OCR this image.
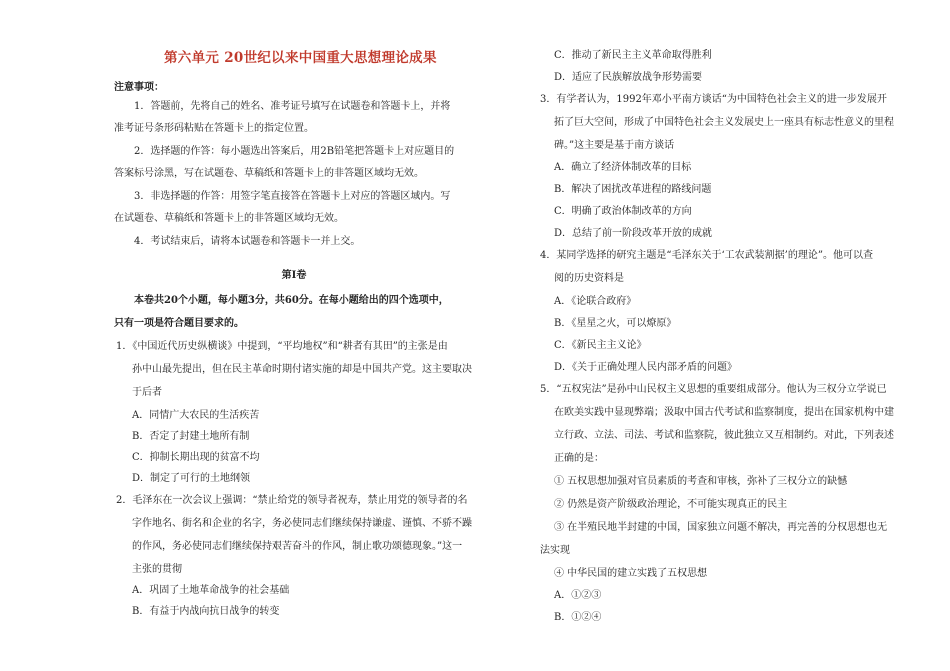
第六单元 20世纪以来中国重大思想理论成果
注意事项：
1．答题前，先将自己的姓名、准考证号填写在试题卷和答题卡上，并将
准考证号条形码粘贴在答题卡上的指定位置。
2．选择题的作答：每小题选出答案后，用2B铅笔把答题卡上对应题目的
答案标号涂黑，写在试题卷、草稿纸和答题卡上的非答题区域均无效。
3．非选择题的作答：用签字笔直接答在答题卡上对应的答题区域内。写
在试题卷、草稿纸和答题卡上的非答题区域均无效。
4．考试结束后，请将本试题卷和答题卡一并上交。
第Ⅰ卷
本卷共20个小题，每小题3分，共60分。在每小题给出的四个选项中，
只有一项是符合题目要求的。
1．《中国近代历史纵横谈》中提到，“平均地权”和“耕者有其田”的主张是由
孙中山最先提出，但在民主革命时期付诸实施的却是中国共产党。这主要取决
于后者
A．同情广大农民的生活疾苦
B．否定了封建土地所有制
C．抑制长期出现的贫富不均
D．制定了可行的土地纲领
2．毛泽东在一次会议上强调：“禁止给党的领导者祝寿，禁止用党的领导者的名
字作地名、街名和企业的名字，务必使同志们继续保持谦虚、谨慎、不骄不躁
的作风，务必使同志们继续保持艰苦奋斗的作风，制止歌功颂德现象。”这一
主张的贯彻
A．巩固了土地革命战争的社会基础
B．有益于内战向抗日战争的转变
C．推动了新民主主义革命取得胜利
D．适应了民族解放战争形势需要
3．有学者认为，1992年邓小平南方谈话“为中国特色社会主义的进一步发展开
拓了巨大空间，形成了中国特色社会主义发展史上一座具有标志性意义的里程
碑。”这主要是基于南方谈话
A．确立了经济体制改革的目标
B．解决了困扰改革进程的路线问题
C．明确了政治体制改革的方向
D．总结了前一阶段改革开放的成就
4．某同学选择的研究主题是“毛泽东关于‘工农武装割据’的理论”。他可以查
阅的历史资料是
A．《论联合政府》
B．《星星之火，可以燎原》
C．《新民主主义论》
D．《关于正确处理人民内部矛盾的问题》
5．“五权宪法”是孙中山民权主义思想的重要组成部分。他认为三权分立学说已
在欧美实践中显现弊端；汲取中国古代考试和监察制度，提出在国家机构中建
立行政、立法、司法、考试和监察院，彼此独立又互相制约。对此，下列表述
正确的是：
① 五权思想加强对官员素质的考查和审核，弥补了三权分立的缺憾
② 仍然是资产阶级政治理论，不可能实现真正的民主
③ 在半殖民地半封建的中国，国家独立问题不解决，再完善的分权思想也无
法实现
④ 中华民国的建立实践了五权思想
A．①②③
B．①②④
